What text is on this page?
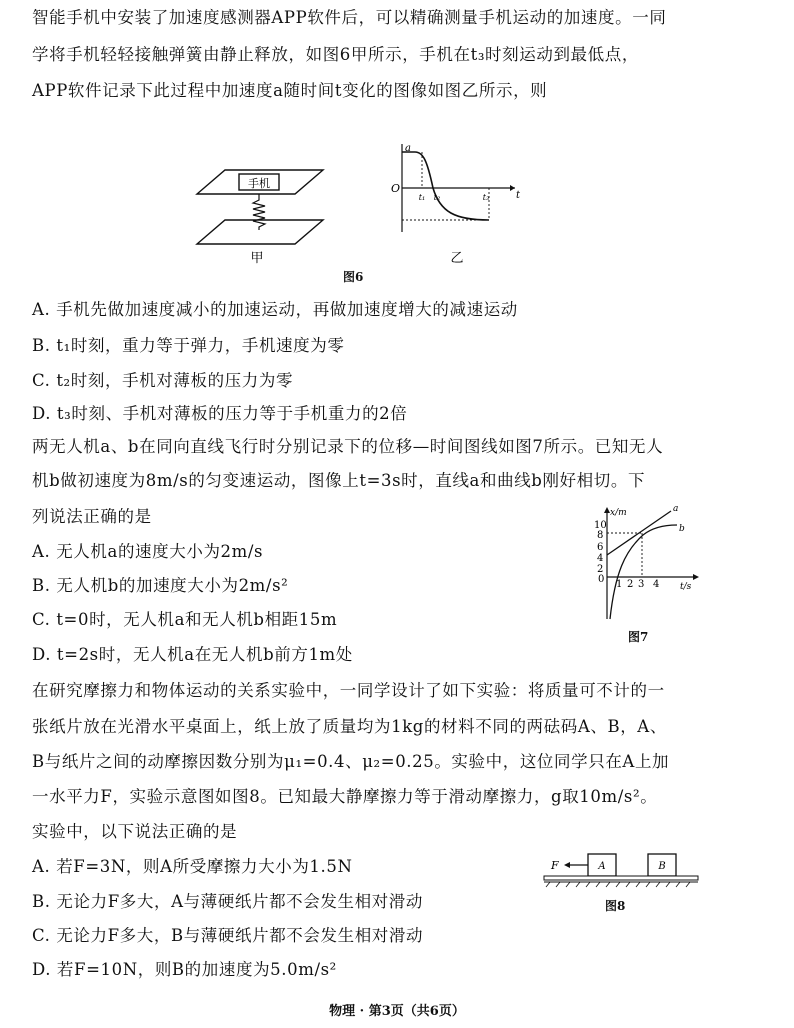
智能手机中安装了加速度感测器APP软件后，可以精确测量手机运动的加速度。一同
学将手机轻轻接触弹簧由静止释放，如图6甲所示，手机在t₃时刻运动到最低点，
APP软件记录下此过程中加速度a随时间t变化的图像如图乙所示，则
手机
甲
a
O
t
t₁ t₂	t₃
乙
图6
A. 手机先做加速度减小的加速运动，再做加速度增大的减速运动
B. t₁时刻，重力等于弹力，手机速度为零
C. t₂时刻，手机对薄板的压力为零
D. t₃时刻、手机对薄板的压力等于手机重力的2倍
两无人机a、b在同向直线飞行时分别记录下的位移—时间图线如图7所示。已知无人
机b做初速度为8m/s的匀变速运动，图像上t=3s时，直线a和曲线b刚好相切。下
列说法正确的是
A. 无人机a的速度大小为2m/s
B. 无人机b的加速度大小为2m/s²
C. t=0时，无人机a和无人机b相距15m
D. t=2s时，无人机a在无人机b前方1m处
x/m
t/s
10
8
6
4
2
0 1 2 3 4
a
b
图7
在研究摩擦力和物体运动的关系实验中，一同学设计了如下实验：将质量可不计的一
张纸片放在光滑水平桌面上，纸上放了质量均为1kg的材料不同的两砝码A、B，A、
B与纸片之间的动摩擦因数分别为μ₁=0.4、μ₂=0.25。实验中，这位同学只在A上加
一水平力F，实验示意图如图8。已知最大静摩擦力等于滑动摩擦力，g取10m/s²。
实验中，以下说法正确的是
A. 若F=3N，则A所受摩擦力大小为1.5N
B. 无论力F多大，A与薄硬纸片都不会发生相对滑动
C. 无论力F多大，B与薄硬纸片都不会发生相对滑动
D. 若F=10N，则B的加速度为5.0m/s²
A	B
F
图8
物理 · 第3页（共6页）
